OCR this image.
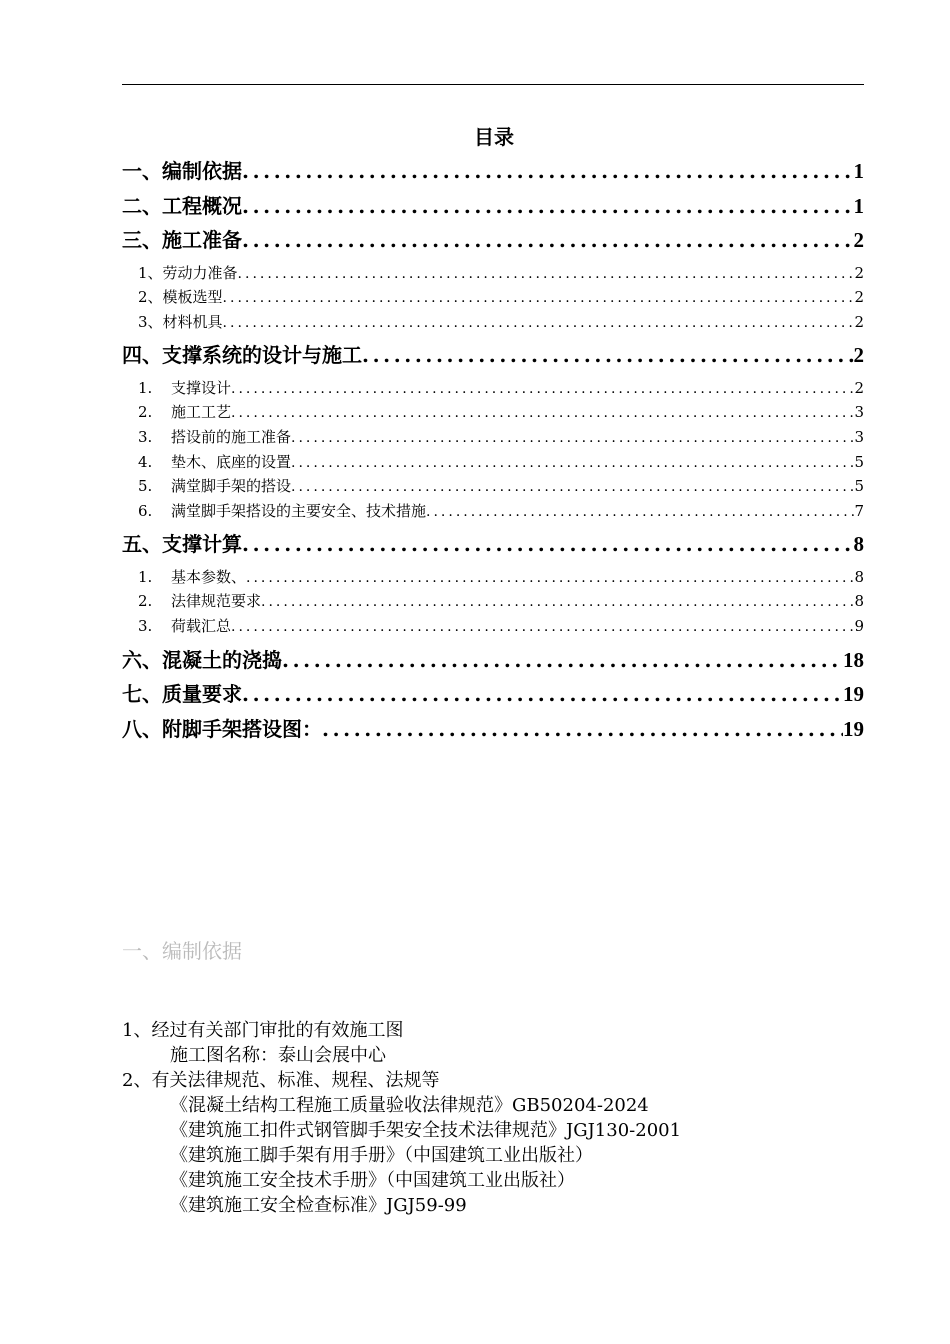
目录
一、编制依据 .....	1
二、工程概况 .....	1
三、施工准备 .....	2
1、劳动力准备 .....	2
2、模板选型 .....	2
3、材料机具 .....	2
四、支撑系统的设计与施工 .....	2
1. 支撑设计 .....	2
2. 施工工艺 .....	3
3. 搭设前的施工准备 .....	3
4. 垫木、底座的设置 .....	5
5. 满堂脚手架的搭设 .....	5
6. 满堂脚手架搭设的主要安全、技术措施 .....	7
五、支撑计算 .....	8
1. 基本参数、 .....	8
2. 法律规范要求 .....	8
3. 荷载汇总 .....	9
六、混凝土的浇捣 .....	18
七、质量要求 .....	19
八、附脚手架搭设图： .....	19
一、编制依据
1、经过有关部门审批的有效施工图
施工图名称：泰山会展中心
2、有关法律规范、标准、规程、法规等
《混凝土结构工程施工质量验收法律规范》GB50204-2024
《建筑施工扣件式钢管脚手架安全技术法律规范》JGJ130-2001
《建筑施工脚手架有用手册》（中国建筑工业出版社）
《建筑施工安全技术手册》（中国建筑工业出版社）
《建筑施工安全检查标准》JGJ59-99
